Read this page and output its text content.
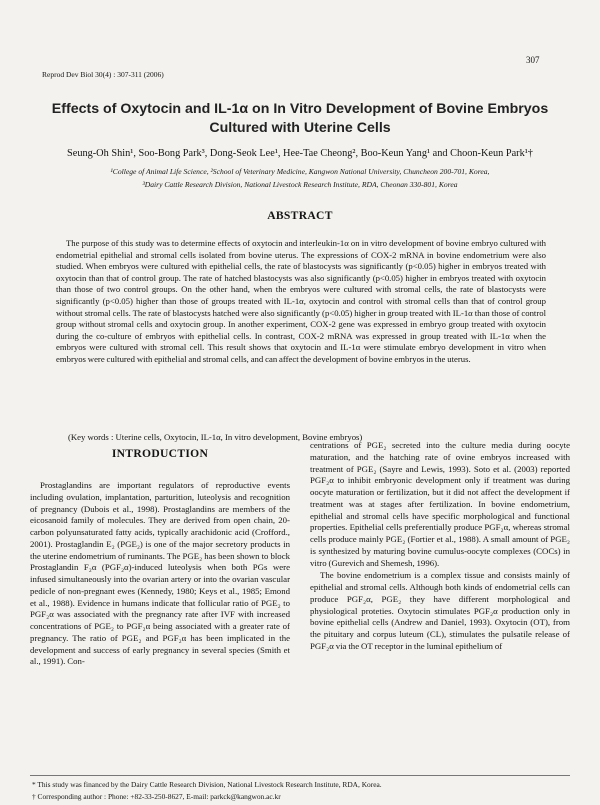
307
Reprod Dev Biol 30(4) : 307-311 (2006)
Effects of Oxytocin and IL-1α on In Vitro Development of Bovine Embryos
Cultured with Uterine Cells
Seung-Oh Shin¹, Soo-Bong Park³, Dong-Seok Lee¹, Hee-Tae Cheong², Boo-Keun Yang¹ and Choon-Keun Park¹†
¹College of Animal Life Science, ²School of Veterinary Medicine, Kangwon National University, Chuncheon 200-701, Korea,
³Dairy Cattle Research Division, National Livestock Research Institute, RDA, Cheonan 330-801, Korea
ABSTRACT

The purpose of this study was to determine effects of oxytocin and interleukin-1α on in vitro development of bovine embryo cultured with endometrial epithelial and stromal cells isolated from bovine uterus. The expressions of COX-2 mRNA in bovine endometrium were also studied. When embryos were cultured with epithelial cells, the rate of blastocysts was significantly (p<0.05) higher in embryos treated with oxytocin than that of control group. The rate of hatched blastocysts was also significantly (p<0.05) higher in embryos treated with oxytocin than those of two control groups. On the other hand, when the embryos were cultured with stromal cells, the rate of blastocysts were significantly (p<0.05) higher than those of groups treated with IL-1α, oxytocin and control with stromal cells than that of control group without stromal cells. The rate of blastocysts hatched were also significantly (p<0.05) higher in group treated with IL-1α than those of control group without stromal cells and oxytocin group. In another experiment, COX-2 gene was expressed in embryo group treated with oxytocin during the co-culture of embryos with epithelial cells. In contrast, COX-2 mRNA was expressed in group treated with IL-1α when the embryos were cultured with stromal cell. This result shows that oxytocin and IL-1α were stimulate embryo development in vitro when embryos were cultured with epithelial and stromal cells, and can affect the development of bovine embryos in the uterus.

(Key words : Uterine cells, Oxytocin, IL-1α, In vitro development, Bovine embryos)
INTRODUCTION

Prostaglandins are important regulators of reproductive events including ovulation, implantation, parturition, luteolysis and recognition of pregnancy (Dubois et al., 1998). Prostaglandins are members of the eicosanoid family of molecules. They are derived from open chain, 20-carbon polyunsaturated fatty acids, typically arachidonic acid (Crofford., 2001). Prostaglandin E₂ (PGE₂) is one of the major secretory products in the uterine endometrium of ruminants. The PGE₂ has been shown to block Prostaglandin F₂α (PGF₂α)-induced luteolysis when both PGs were infused simultaneously into the ovarian artery or into the ovarian vascular pedicle of non-pregnant ewes (Kennedy, 1980; Keys et al., 1985; Emond et al., 1988). Evidence in humans indicate that follicular ratio of PGE₂ to PGF₂α was associated with the pregnancy rate after IVF with increased concentrations of PGE₂ to PGF₂α being associated with a greater rate of pregnancy. The ratio of PGE₂ and PGF₂α has been implicated in the development and success of early pregnancy in several species (Smith et al., 1991). Con-

centrations of PGE₂ secreted into the culture media during oocyte maturation, and the hatching rate of ovine embryos increased with treatment of PGE₂ (Sayre and Lewis, 1993). Soto et al. (2003) reported PGF₂α to inhibit embryonic development only if treatment was during oocyte maturation or fertilization, but it did not affect the development if treatment was at stages after fertilization. In bovine endometrium, epithelial and stromal cells have specific morphological and functional properties. Epithelial cells preferentially produce PGF₂α, whereas stromal cells produce mainly PGE₂ (Fortier et al., 1988). A small amount of PGE₂ is synthesized by maturing bovine cumulus-oocyte complexes (COCs) in vitro (Gurevich and Shemesh, 1996).

The bovine endometrium is a complex tissue and consists mainly of epithelial and stromal cells. Although both kinds of endometrial cells can produce PGF₂α, PGE₂ they have different morphological and physiological proteties. Oxytocin stimulates PGF₂α production only in bovine epithelial cells (Andrew and Daniel, 1993). Oxytocin (OT), from the pituitary and corpus luteum (CL), stimulates the pulsatile release of PGF₂α via the OT receptor in the luminal epithelium of

* This study was financed by the Dairy Cattle Research Division, National Livestock Research Institute, RDA, Korea.
† Corresponding author : Phone: +82-33-250-8627, E-mail: parkck@kangwon.ac.kr
